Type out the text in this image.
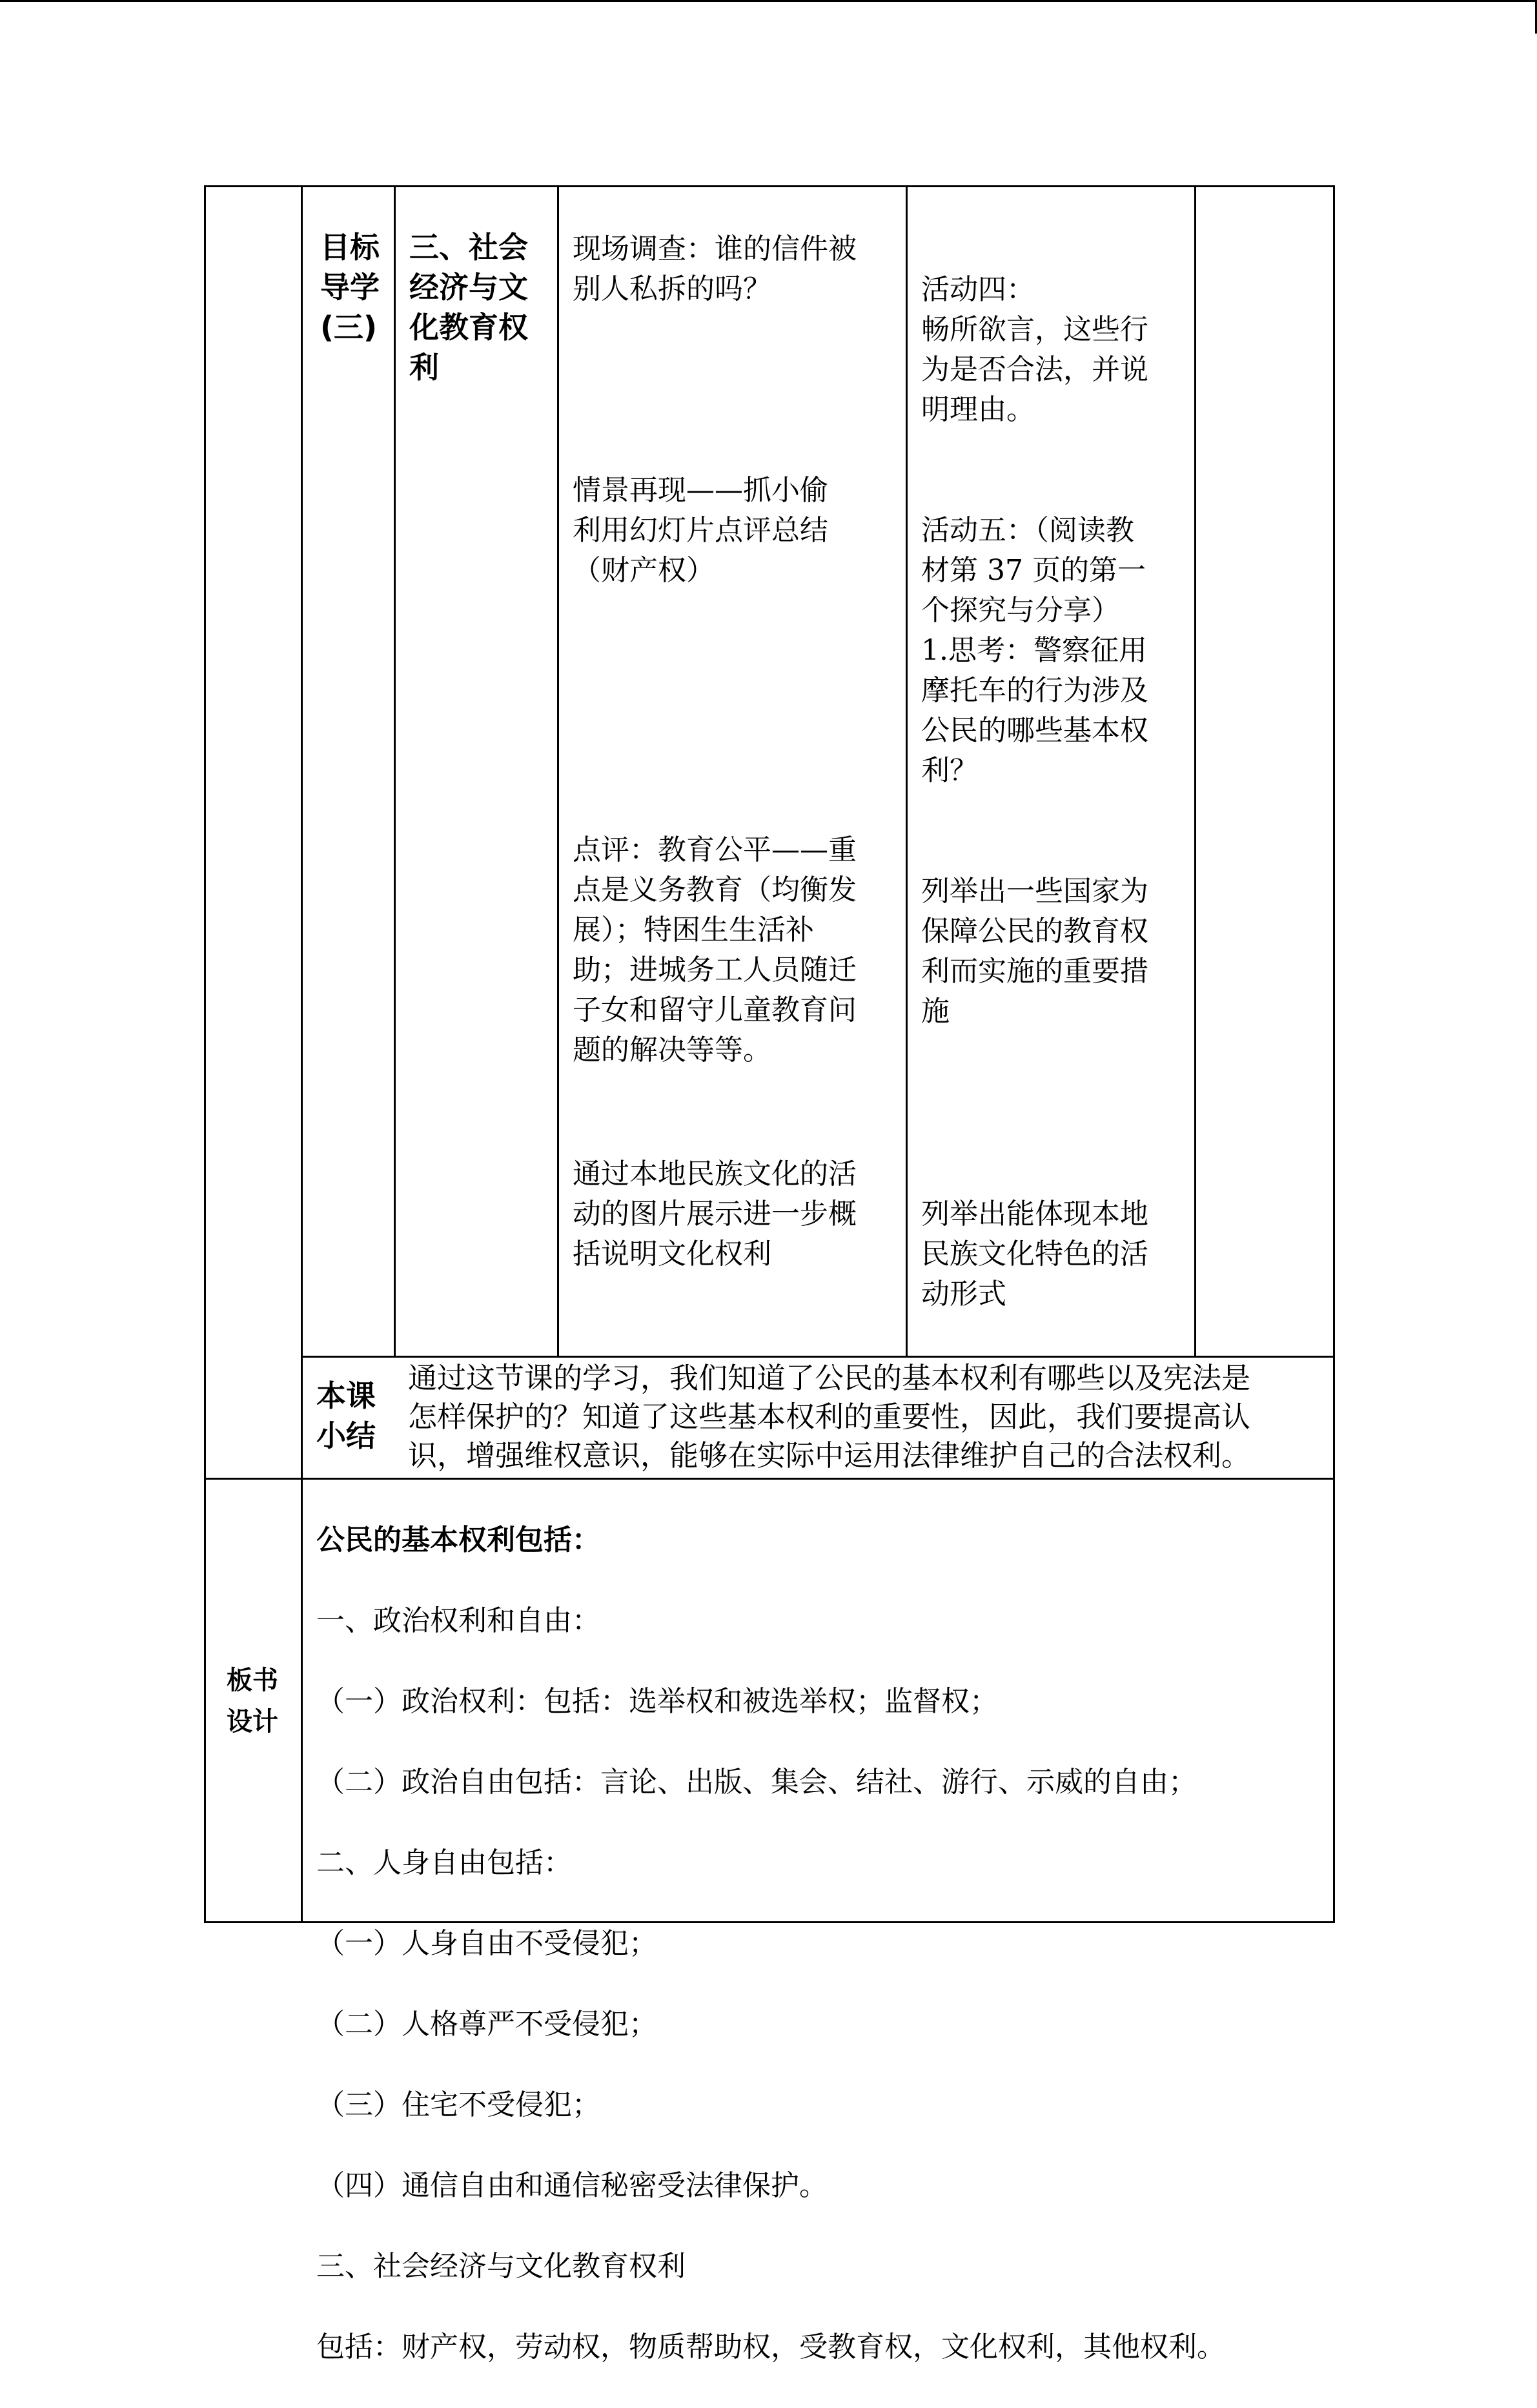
目标
导学
(三)
三、社会
经济与文
化教育权
利
现场调查：谁的信件被
别人私拆的吗？
情景再现——抓小偷
利用幻灯片点评总结
（财产权）
点评：教育公平——重
点是义务教育（均衡发
展）；特困生生活补
助；进城务工人员随迁
子女和留守儿童教育问
题的解决等等。
通过本地民族文化的活
动的图片展示进一步概
括说明文化权利
活动四：
畅所欲言，这些行
为是否合法，并说
明理由。
活动五：（阅读教
材第 37 页的第一
个探究与分享）
1.思考：警察征用
摩托车的行为涉及
公民的哪些基本权
利？
列举出一些国家为
保障公民的教育权
利而实施的重要措
施
列举出能体现本地
民族文化特色的活
动形式
本课
小结
通过这节课的学习，我们知道了公民的基本权利有哪些以及宪法是
怎样保护的？知道了这些基本权利的重要性，因此，我们要提高认
识，增强维权意识，能够在实际中运用法律维护自己的合法权利。
板书
设计

公民的基本权利包括：

一、政治权利和自由：

（一）政治权利：包括：选举权和被选举权；监督权；

（二）政治自由包括：言论、出版、集会、结社、游行、示威的自由；

二、人身自由包括：

（一）人身自由不受侵犯；

（二）人格尊严不受侵犯；

（三）住宅不受侵犯；

（四）通信自由和通信秘密受法律保护。

三、社会经济与文化教育权利

包括：财产权，劳动权，物质帮助权，受教育权，文化权利，其他权利。
